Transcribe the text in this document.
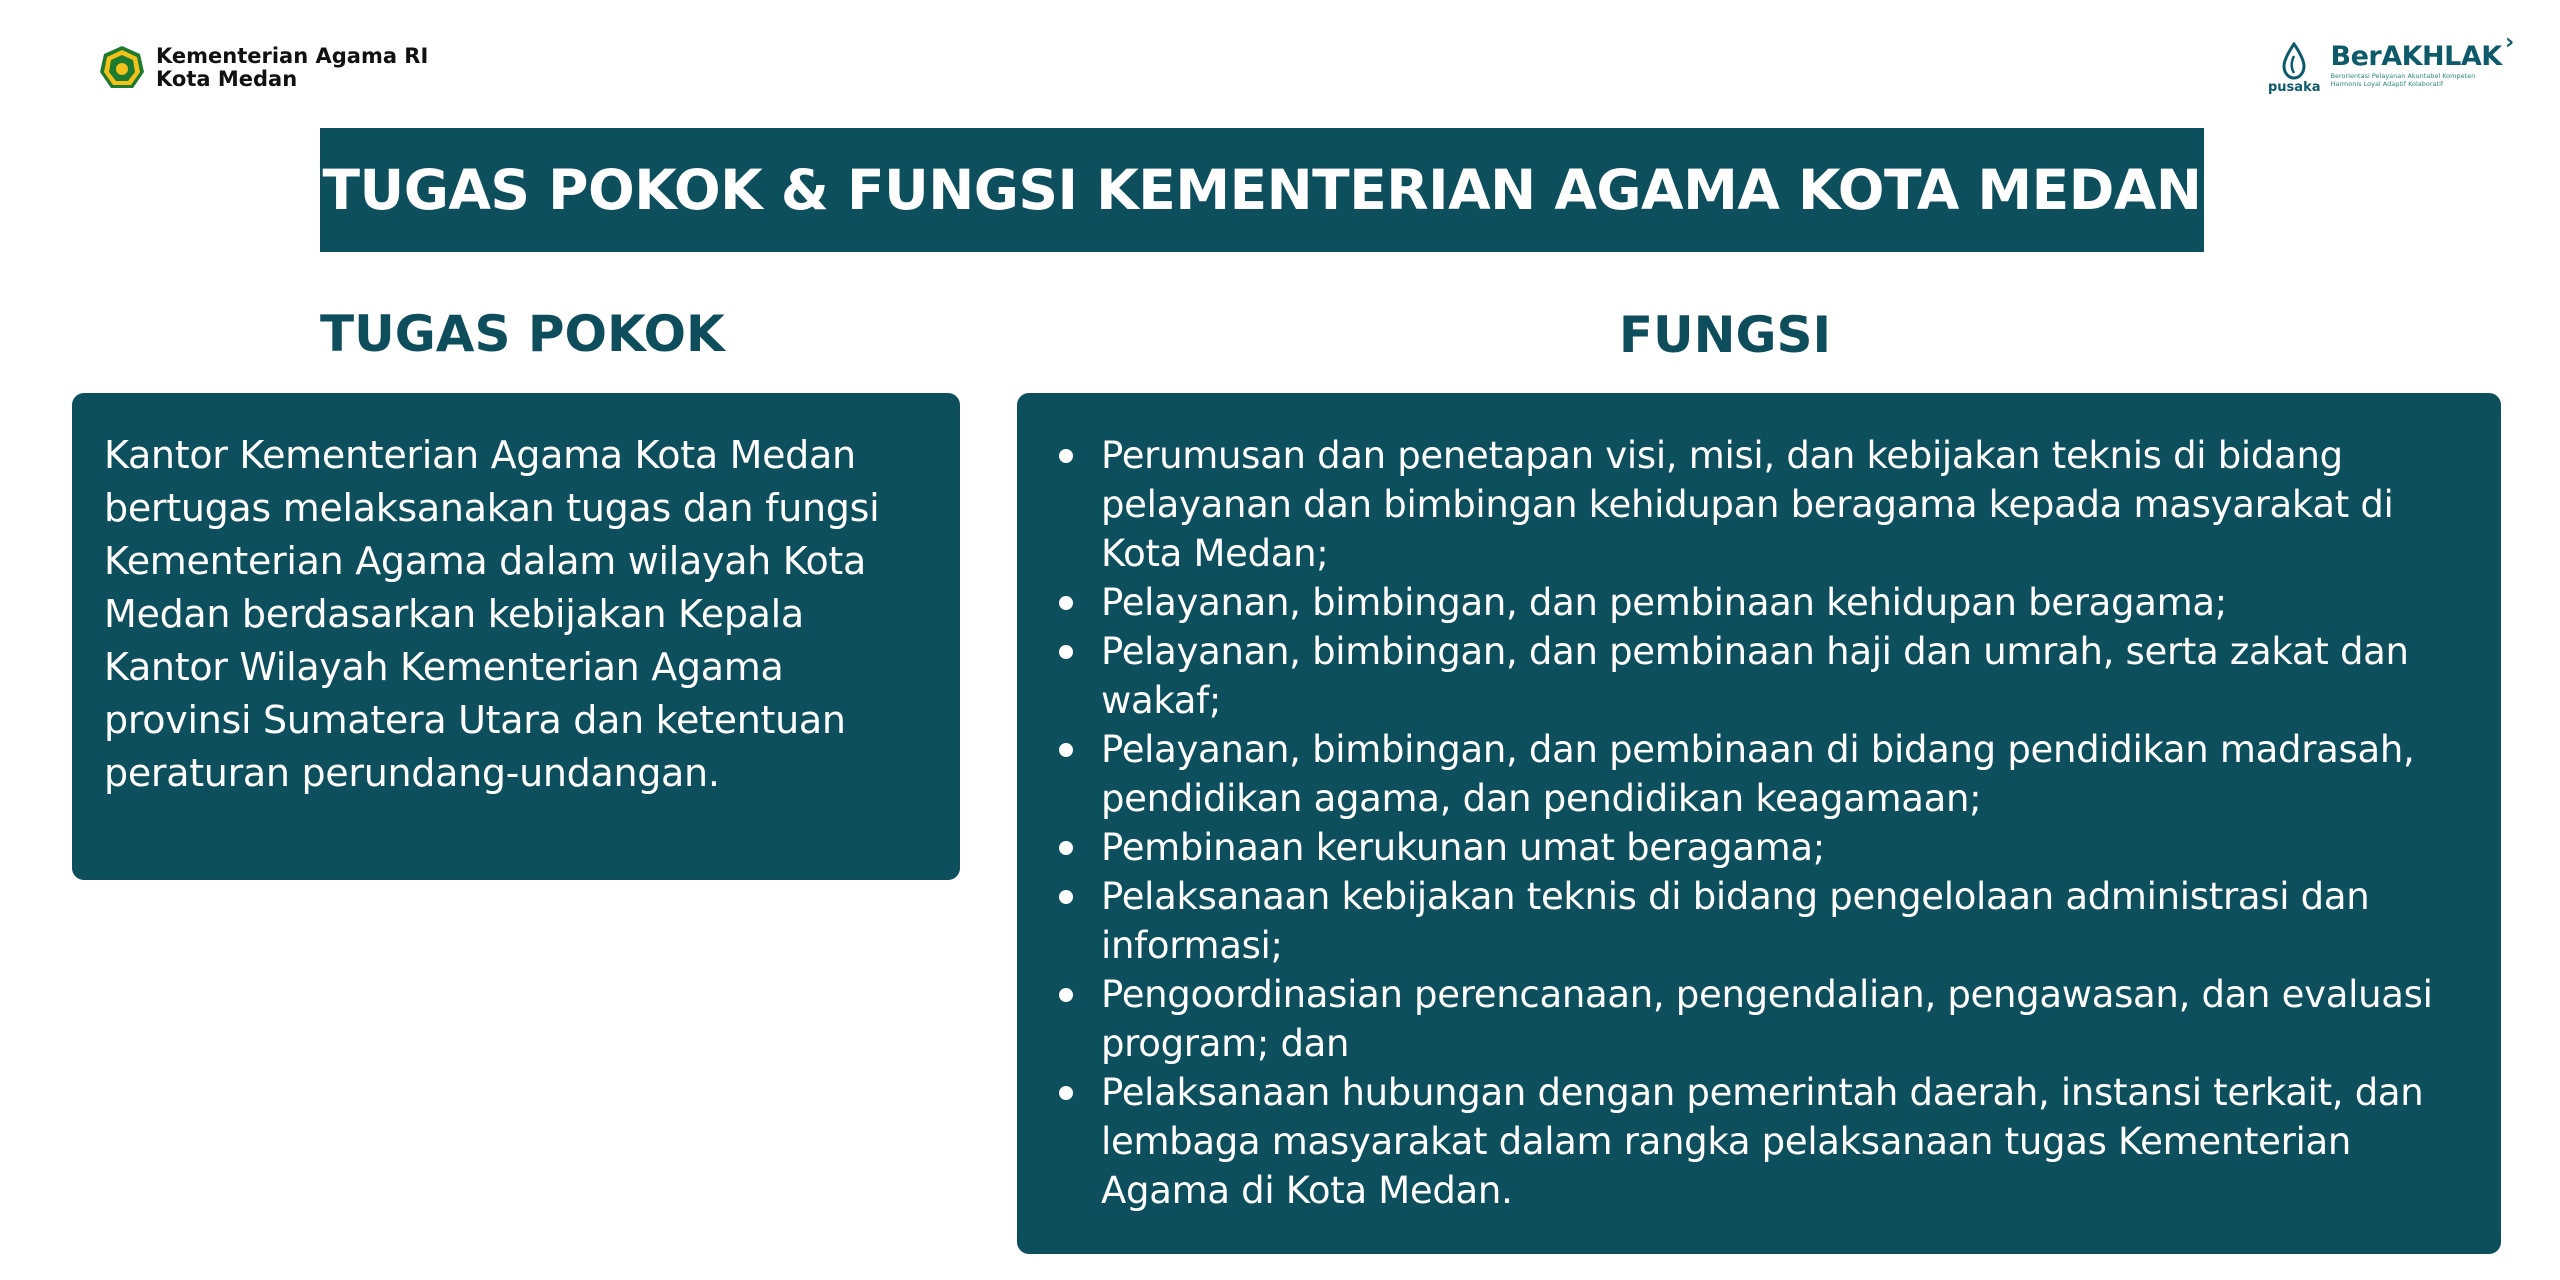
Kementerian Agama RI
Kota Medan	pusaka
BerAKHLAK ›
Berorientasi Pelayanan Akuntabel Kompeten Harmonis Loyal Adaptif Kolaboratif
TUGAS POKOK & FUNGSI KEMENTERIAN AGAMA KOTA MEDAN
TUGAS POKOK	FUNGSI

Kantor Kementerian Agama Kota Medan bertugas melaksanakan tugas dan fungsi Kementerian Agama dalam wilayah Kota Medan berdasarkan kebijakan Kepala Kantor Wilayah Kementerian Agama provinsi Sumatera Utara dan ketentuan peraturan perundang-undangan.

Perumusan dan penetapan visi, misi, dan kebijakan teknis di bidang pelayanan dan bimbingan kehidupan beragama kepada masyarakat di Kota Medan;
Pelayanan, bimbingan, dan pembinaan kehidupan beragama;
Pelayanan, bimbingan, dan pembinaan haji dan umrah, serta zakat dan wakaf;
Pelayanan, bimbingan, dan pembinaan di bidang pendidikan madrasah, pendidikan agama, dan pendidikan keagamaan;
Pembinaan kerukunan umat beragama;
Pelaksanaan kebijakan teknis di bidang pengelolaan administrasi dan informasi;
Pengoordinasian perencanaan, pengendalian, pengawasan, dan evaluasi program; dan
Pelaksanaan hubungan dengan pemerintah daerah, instansi terkait, dan lembaga masyarakat dalam rangka pelaksanaan tugas Kementerian Agama di Kota Medan.
